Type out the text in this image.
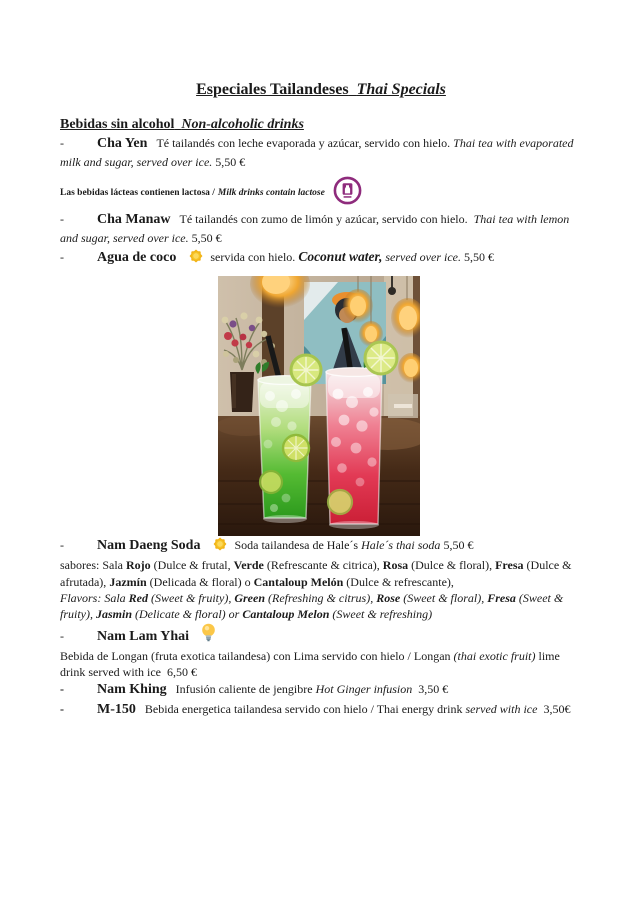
Especiales Tailandeses Thai Specials
Bebidas sin alcohol Non-alcoholic drinks

- Cha Yen Té tailandés con leche evaporada y azúcar, servido con hielo. Thai tea with evaporated milk and sugar, served over ice. 5,50 €

Las bebidas lácteas contienen lactosa / Milk drinks contain lactose

- Cha Manaw Té tailandés con zumo de limón y azúcar, servido con hielo.  Thai tea with lemon and sugar, served over ice. 5,50 €

- Agua de coco	servida con hielo. Coconut water, served over ice. 5,50 €

- Nam Daeng Soda	Soda tailandesa de Hale´s Hale´s thai soda 5,50 €

sabores: Sala Rojo (Dulce & frutal, Verde (Refrescante & citrica), Rosa (Dulce & floral), Fresa (Dulce & afrutada), Jazmín (Delicada & floral) o Cantaloup Melón (Dulce & refrescante),

Flavors: Sala Red (Sweet & fruity), Green (Refreshing & citrus), Rose (Sweet & floral), Fresa (Sweet & fruity), Jasmin (Delicate & floral) or Cantaloup Melon (Sweet & refreshing)

- Nam Lam Yhai

Bebida de Longan (fruta exotica tailandesa) con Lima servido con hielo / Longan (thai exotic fruit) lime drink served with ice  6,50 €

- Nam Khing Infusión caliente de jengibre Hot Ginger infusion  3,50 €

- M-150 Bebida energetica tailandesa servido con hielo / Thai energy drink served with ice  3,50€
